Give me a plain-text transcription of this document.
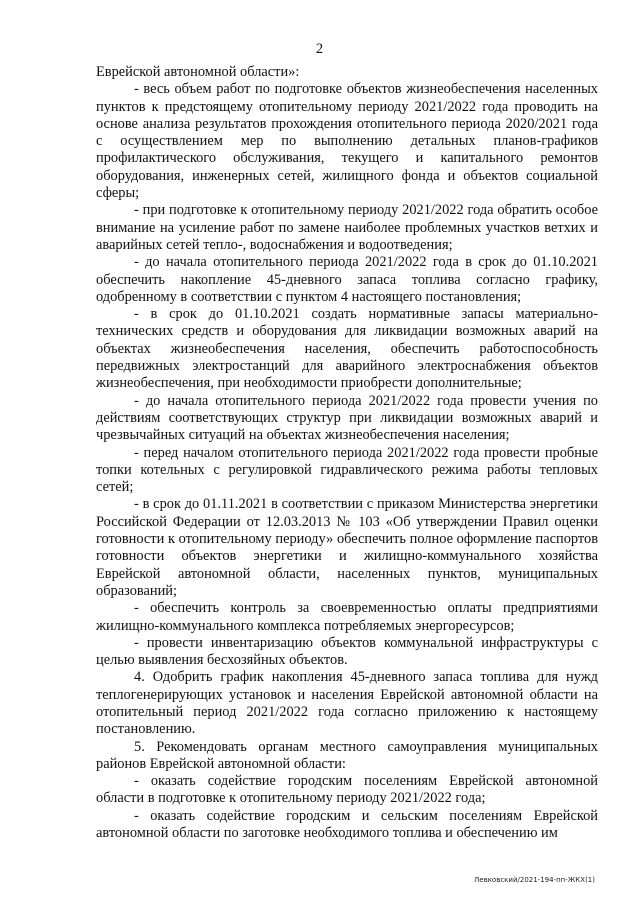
2

Еврейской автономной области»:

- весь объем работ по подготовке объектов жизнеобеспечения населенных пунктов к предстоящему отопительному периоду 2021/2022 года проводить на основе анализа результатов прохождения отопительного периода 2020/2021 года с осуществлением мер по выполнению детальных планов-графиков профилактического обслуживания, текущего и капитального ремонтов оборудования, инженерных сетей, жилищного фонда и объектов социальной сферы;

- при подготовке к отопительному периоду 2021/2022 года обратить особое внимание на усиление работ по замене наиболее проблемных участков ветхих и аварийных сетей тепло-, водоснабжения и водоотведения;

- до начала отопительного периода 2021/2022 года в срок до 01.10.2021 обеспечить накопление 45-дневного запаса топлива согласно графику, одобренному в соответствии с пунктом 4 настоящего постановления;

- в срок до 01.10.2021 создать нормативные запасы материально-технических средств и оборудования для ликвидации возможных аварий на объектах жизнеобеспечения населения, обеспечить работоспособность передвижных электростанций для аварийного электроснабжения объектов жизнеобеспечения, при необходимости приобрести дополнительные;

- до начала отопительного периода 2021/2022 года провести учения по действиям соответствующих структур при ликвидации возможных аварий и чрезвычайных ситуаций на объектах жизнеобеспечения населения;

- перед началом отопительного периода 2021/2022 года провести пробные топки котельных с регулировкой гидравлического режима работы тепловых сетей;

- в срок до 01.11.2021 в соответствии с приказом Министерства энергетики Российской Федерации от 12.03.2013 № 103 «Об утверждении Правил оценки готовности к отопительному периоду» обеспечить полное оформление паспортов готовности объектов энергетики и жилищно-коммунального хозяйства Еврейской автономной области, населенных пунктов, муниципальных образований;

- обеспечить контроль за своевременностью оплаты предприятиями жилищно-коммунального комплекса потребляемых энергоресурсов;

- провести инвентаризацию объектов коммунальной инфраструктуры с целью выявления бесхозяйных объектов.

4. Одобрить график накопления 45-дневного запаса топлива для нужд теплогенерирующих установок и населения Еврейской автономной области на отопительный период 2021/2022 года согласно приложению к настоящему постановлению.

5. Рекомендовать органам местного самоуправления муниципальных районов Еврейской автономной области:

- оказать содействие городским поселениям Еврейской автономной области в подготовке к отопительному периоду 2021/2022 года;

- оказать содействие городским и сельским поселениям Еврейской автономной области по заготовке необходимого топлива и обеспечению им

Левковский/2021-194-пп-ЖКХ(1)
